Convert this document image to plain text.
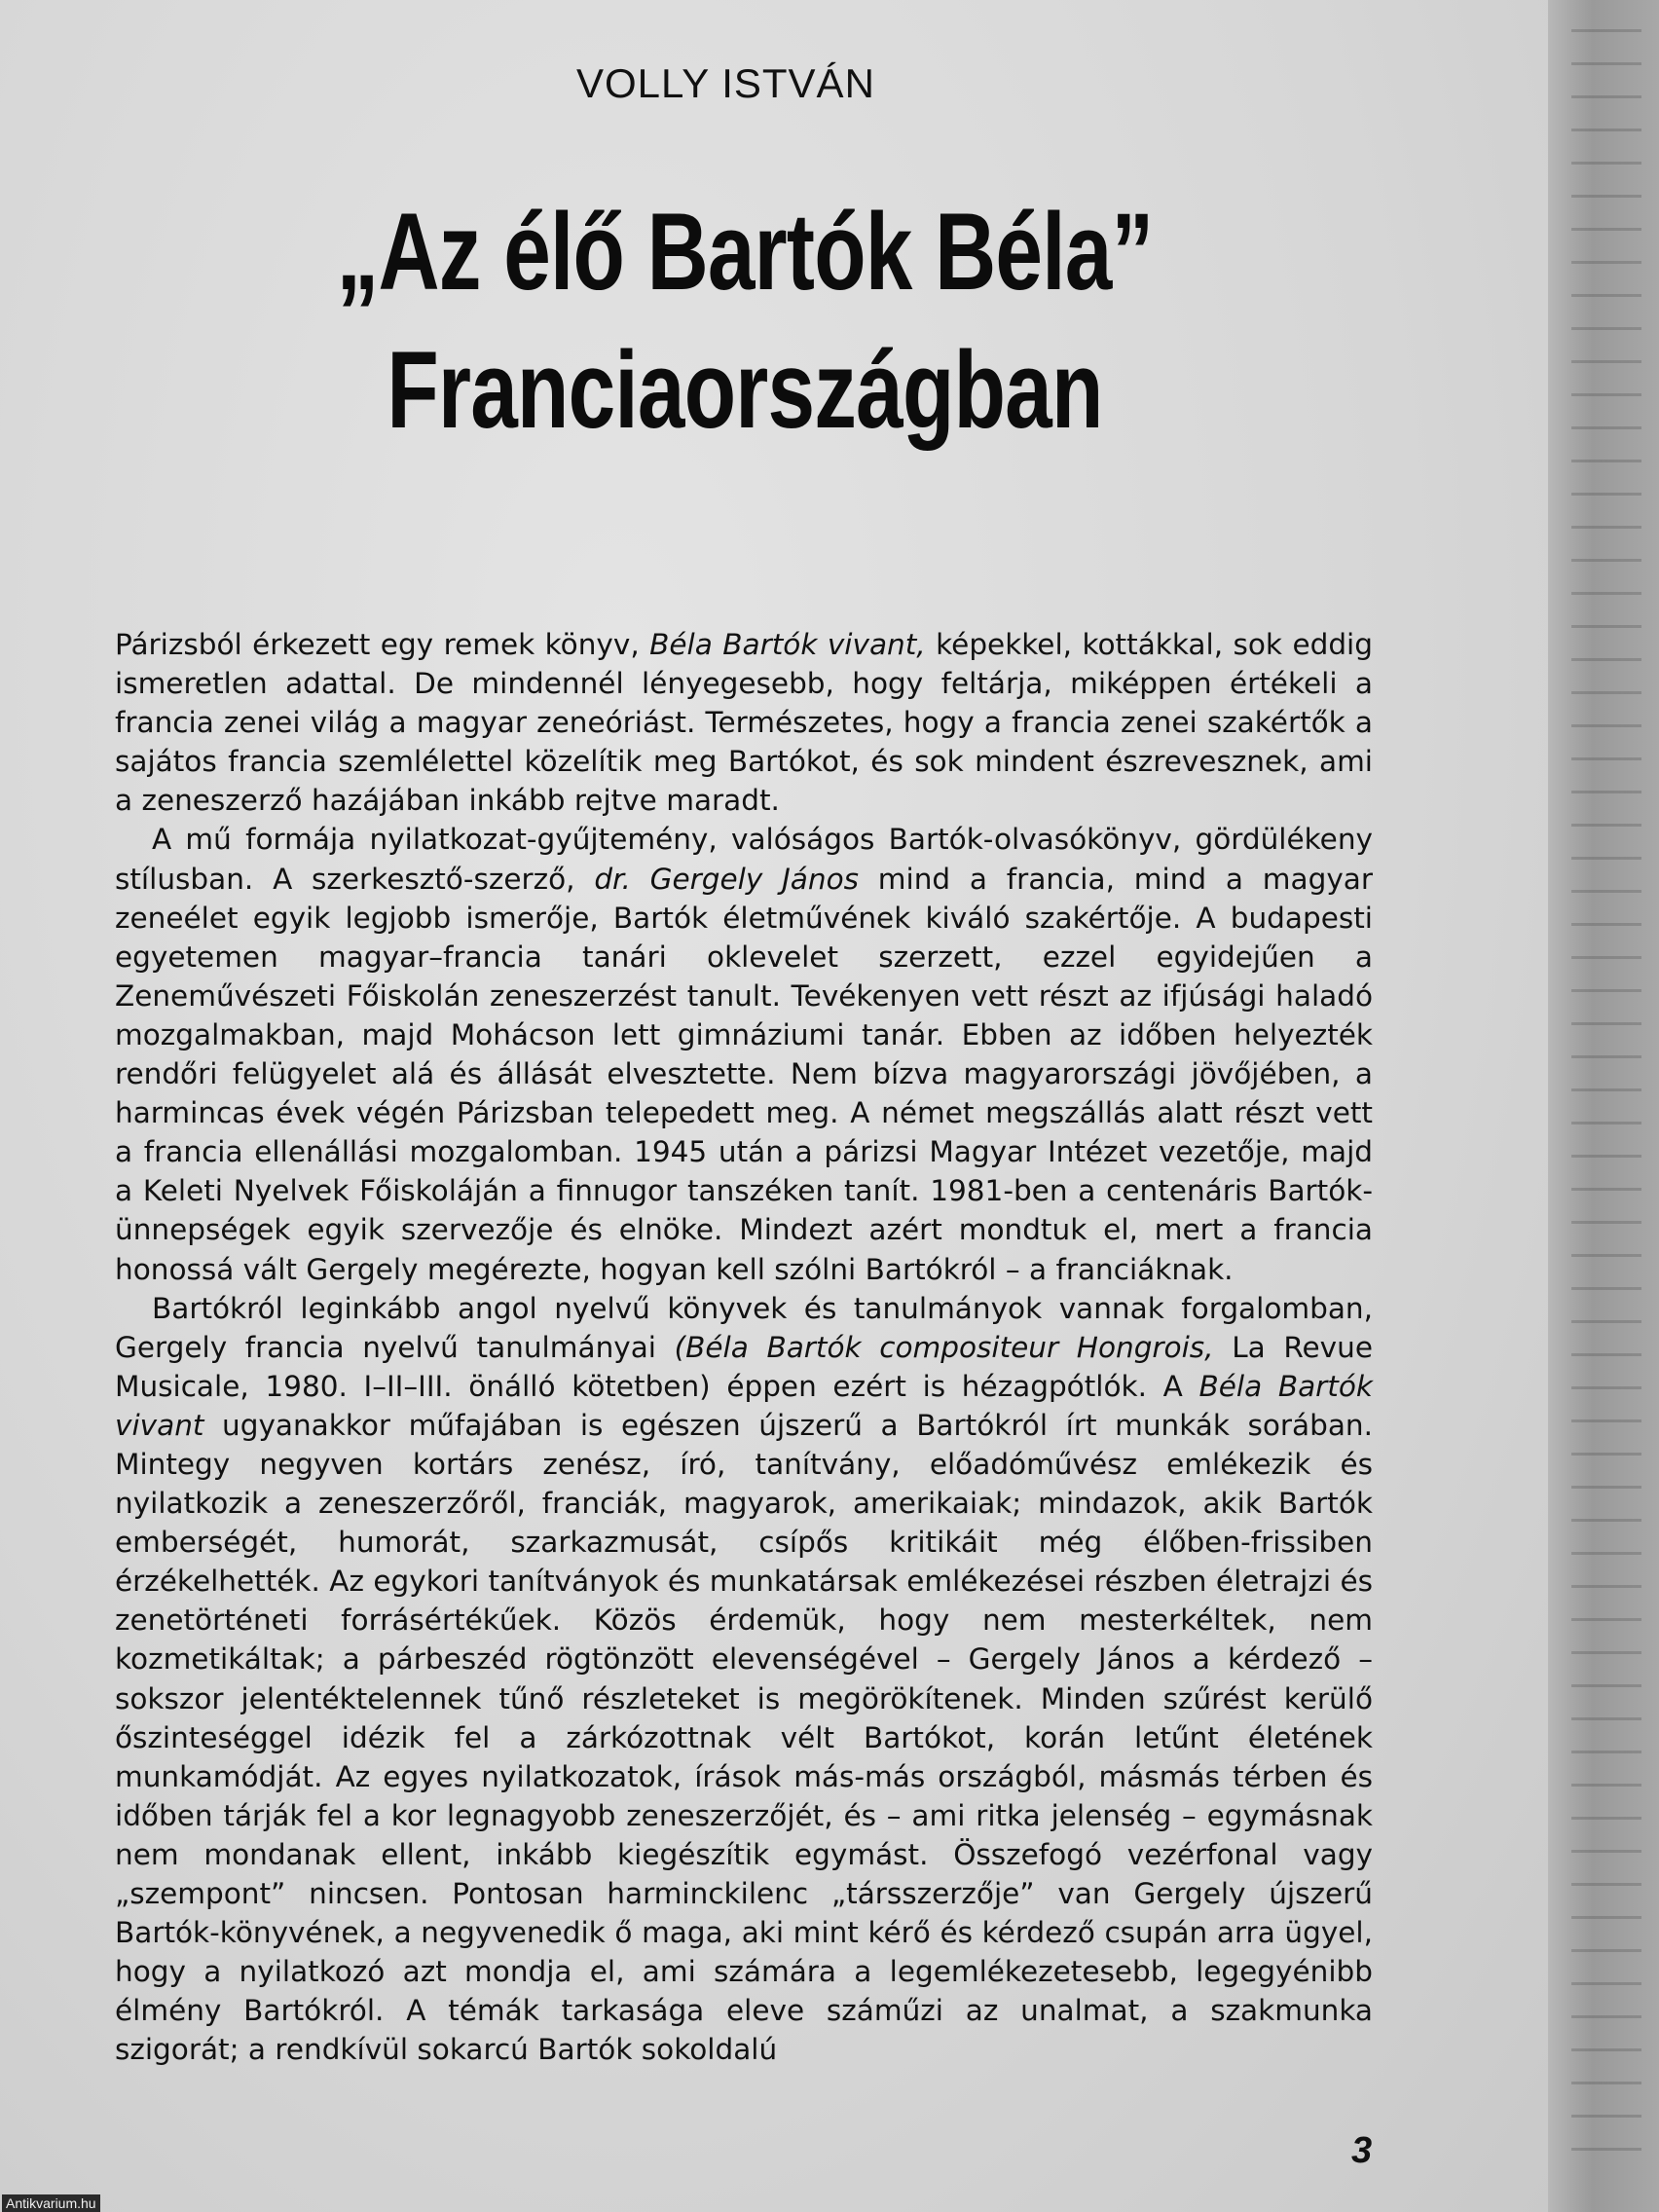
VOLLY ISTVÁN
„Az élő Bartók Béla”
Franciaországban

Párizsból érkezett egy remek könyv, Béla Bartók vivant, képekkel, kottákkal, sok eddig ismeretlen adattal. De mindennél lényegesebb, hogy feltárja, miképpen értékeli a francia zenei világ a magyar zeneóriást. Természetes, hogy a francia zenei szakértők a sajátos francia szemlélettel közelítik meg Bartókot, és sok mindent észrevesznek, ami a zeneszerző hazájában inkább rejtve maradt.

A mű formája nyilatkozat-gyűjtemény, valóságos Bartók-olvasókönyv, gördülékeny stílusban. A szerkesztő-szerző, dr. Gergely János mind a francia, mind a magyar zeneélet egyik legjobb ismerője, Bartók életművének kiváló szakértője. A budapesti egyetemen magyar–francia tanári oklevelet szerzett, ezzel egyidejűen a Zeneművészeti Főiskolán zeneszerzést tanult. Tevékenyen vett részt az ifjúsági haladó mozgalmakban, majd Mohácson lett gimnáziumi tanár. Ebben az időben helyezték rendőri felügyelet alá és állását elvesztette. Nem bízva magyarországi jövőjében, a harmincas évek végén Párizsban telepedett meg. A német megszállás alatt részt vett a francia ellenállási mozgalomban. 1945 után a párizsi Magyar Intézet vezetője, majd a Keleti Nyelvek Főiskoláján a finnugor tanszéken tanít. 1981-ben a centenáris Bartók-ünnepségek egyik szervezője és elnöke. Mindezt azért mondtuk el, mert a francia honossá vált Gergely megérezte, hogyan kell szólni Bartókról – a franciáknak.

Bartókról leginkább angol nyelvű könyvek és tanulmányok vannak forgalomban, Gergely francia nyelvű tanulmányai (Béla Bartók compositeur Hongrois, La Revue Musicale, 1980. I–II–III. önálló kötetben) éppen ezért is hézagpótlók. A Béla Bartók vivant ugyanakkor műfajában is egészen újszerű a Bartókról írt munkák sorában. Mintegy negyven kortárs zenész, író, tanítvány, előadóművész emlékezik és nyilatkozik a zeneszerzőről, franciák, magyarok, amerikaiak; mindazok, akik Bartók emberségét, humorát, szarkazmusát, csípős kritikáit még élőben-frissiben érzékelhették. Az egykori tanítványok és munkatársak emlékezései részben életrajzi és zenetörténeti forrásértékűek. Közös érdemük, hogy nem mesterkéltek, nem kozmetikáltak; a párbeszéd rögtönzött elevenségével – Gergely János a kérdező – sokszor jelentéktelennek tűnő részleteket is megörökítenek. Minden szűrést kerülő őszinteséggel idézik fel a zárkózottnak vélt Bartókot, korán letűnt életének munkamódját. Az egyes nyilatkozatok, írások más-más országból, másmás térben és időben tárják fel a kor legnagyobb zeneszerzőjét, és – ami ritka jelenség – egymásnak nem mondanak ellent, inkább kiegészítik egymást. Összefogó vezérfonal vagy „szempont” nincsen. Pontosan harminckilenc „társszerzője” van Gergely újszerű Bartók-könyvének, a negyvenedik ő maga, aki mint kérő és kérdező csupán arra ügyel, hogy a nyilatkozó azt mondja el, ami számára a legemlékezetesebb, legegyénibb élmény Bartókról. A témák tarkasága eleve száműzi az unalmat, a szakmunka szigorát; a rendkívül sokarcú Bartók sokoldalú

3
Antikvarium.hu
